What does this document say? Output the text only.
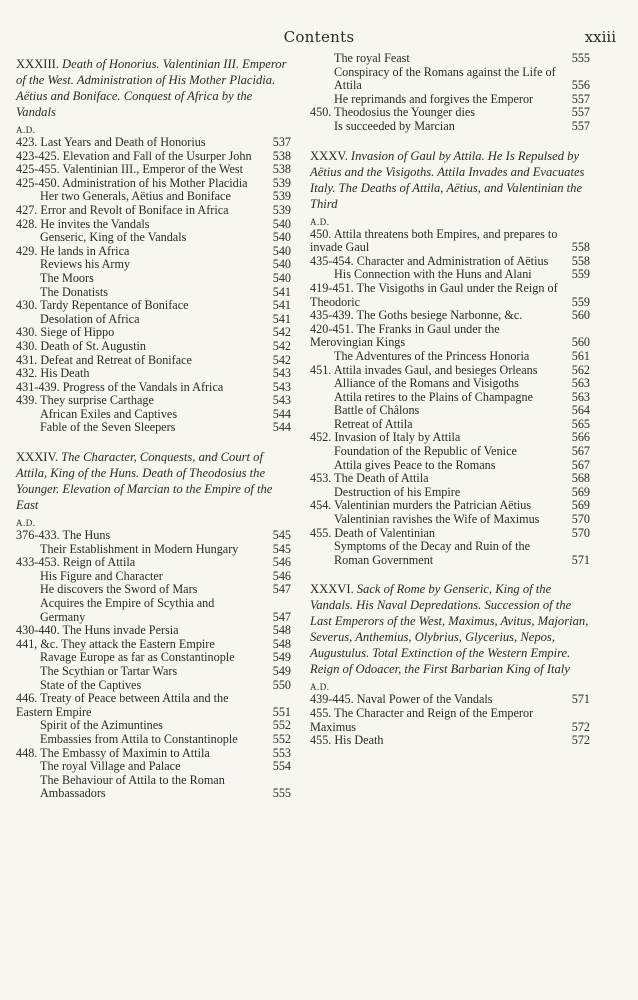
Contents	xxiii
XXXIII. Death of Honorius. Valentinian III. Emperor of the West. Administration of His Mother Placidia. Aëtius and Boniface. Conquest of Africa by the Vandals
A.D.
423. Last Years and Death of Honorius	537
423-425. Elevation and Fall of the Usurper John	538
425-455. Valentinian III., Emperor of the West	538
425-450. Administration of his Mother Placidia	539
Her two Generals, Aëtius and Boniface	539
427. Error and Revolt of Boniface in Africa	539
428. He invites the Vandals	540
Genseric, King of the Vandals	540
429. He lands in Africa	540
Reviews his Army	540
The Moors	540
The Donatists	541
430. Tardy Repentance of Boniface	541
Desolation of Africa	541
430. Siege of Hippo	542
430. Death of St. Augustin	542
431. Defeat and Retreat of Boniface	542
432. His Death	543
431-439. Progress of the Vandals in Africa	543
439. They surprise Carthage	543
African Exiles and Captives	544
Fable of the Seven Sleepers	544
XXXIV. The Character, Conquests, and Court of Attila, King of the Huns. Death of Theodosius the Younger. Elevation of Marcian to the Empire of the East
A.D.
376-433. The Huns	545
Their Establishment in Modern Hungary	545
433-453. Reign of Attila	546
His Figure and Character	546
He discovers the Sword of Mars	547
Acquires the Empire of Scythia and Germany	547
430-440. The Huns invade Persia	548
441, &c. They attack the Eastern Empire	548
Ravage Europe as far as Constantinople	549
The Scythian or Tartar Wars	549
State of the Captives	550
446. Treaty of Peace between Attila and the Eastern Empire	551
Spirit of the Azimuntines	552
Embassies from Attila to Constantinople	552
448. The Embassy of Maximin to Attila	553
The royal Village and Palace	554
The Behaviour of Attila to the Roman Ambassadors	555
The royal Feast	555
Conspiracy of the Romans against the Life of Attila	556
He reprimands and forgives the Emperor	557
450. Theodosius the Younger dies	557
Is succeeded by Marcian	557
XXXV. Invasion of Gaul by Attila. He Is Repulsed by Aëtius and the Visigoths. Attila Invades and Evacuates Italy. The Deaths of Attila, Aëtius, and Valentinian the Third
A.D.
450. Attila threatens both Empires, and prepares to invade Gaul	558
435-454. Character and Administration of Aëtius	558
His Connection with the Huns and Alani	559
419-451. The Visigoths in Gaul under the Reign of Theodoric	559
435-439. The Goths besiege Narbonne, &c.	560
420-451. The Franks in Gaul under the Merovingian Kings	560
The Adventures of the Princess Honoria	561
451. Attila invades Gaul, and besieges Orleans	562
Alliance of the Romans and Visigoths	563
Attila retires to the Plains of Champagne	563
Battle of Châlons	564
Retreat of Attila	565
452. Invasion of Italy by Attila	566
Foundation of the Republic of Venice	567
Attila gives Peace to the Romans	567
453. The Death of Attila	568
Destruction of his Empire	569
454. Valentinian murders the Patrician Aëtius	569
Valentinian ravishes the Wife of Maximus	570
455. Death of Valentinian	570
Symptoms of the Decay and Ruin of the Roman Government	571
XXXVI. Sack of Rome by Genseric, King of the Vandals. His Naval Depredations. Succession of the Last Emperors of the West, Maximus, Avitus, Majorian, Severus, Anthemius, Olybrius, Glycerius, Nepos, Augustulus. Total Extinction of the Western Empire. Reign of Odoacer, the First Barbarian King of Italy
A.D.
439-445. Naval Power of the Vandals	571
455. The Character and Reign of the Emperor Maximus	572
455. His Death	572
